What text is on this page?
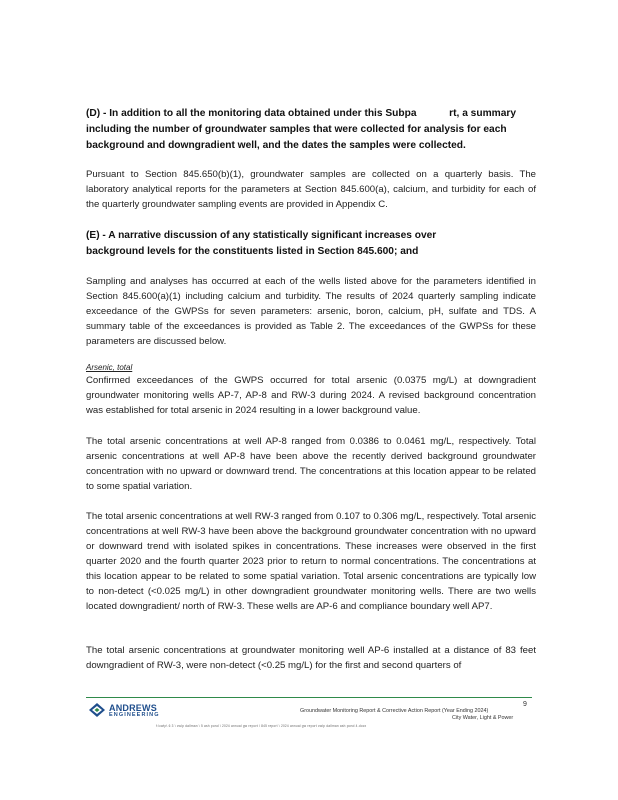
(D) - In addition to all the monitoring data obtained under this Subpa	rt, a summary
including the number of groundwater samples that were collected for analysis for each background and downgradient well, and the dates the samples were collected.
Pursuant to Section 845.650(b)(1), groundwater samples are collected on a quarterly basis. The laboratory analytical reports for the parameters at Section 845.600(a), calcium, and turbidity for each of the quarterly groundwater sampling events are provided in Appendix C.
(E) - A narrative discussion of any statistically significant increases over background levels for the constituents listed in Section 845.600; and
Sampling and analyses has occurred at each of the wells listed above for the parameters identified in Section 845.600(a)(1) including calcium and turbidity. The results of 2024 quarterly sampling indicate exceedance of the GWPSs for seven parameters: arsenic, boron, calcium, pH, sulfate and TDS. A summary table of the exceedances is provided as Table 2. The exceedances of the GWPSs for these parameters are discussed below.
Arsenic, total
Confirmed exceedances of the GWPS occurred for total arsenic (0.0375 mg/L) at downgradient groundwater monitoring wells AP-7, AP-8 and RW-3 during 2024. A revised background concentration was established for total arsenic in 2024 resulting in a lower background value.
The total arsenic concentrations at well AP-8 ranged from 0.0386 to 0.0461 mg/L, respectively. Total arsenic concentrations at well AP-8 have been above the recently derived background groundwater concentration with no upward or downward trend. The concentrations at this location appear to be related to some spatial variation.
The total arsenic concentrations at well RW-3 ranged from 0.107 to 0.306 mg/L, respectively. Total arsenic concentrations at well RW-3 have been above the background groundwater concentration with no upward or downward trend with isolated spikes in concentrations. These increases were observed in the first quarter 2020 and the fourth quarter 2023 prior to return to normal concentrations. The concentrations at this location appear to be related to some spatial variation. Total arsenic concentrations are typically low to non-detect (<0.025 mg/L) in other downgradient groundwater monitoring wells. There are two wells located downgradient/ north of RW-3. These wells are AP-6 and compliance boundary well AP7.
The total arsenic concentrations at groundwater monitoring well AP-6 installed at a distance of 83 feet downgradient of RW-3, were non-detect (<0.25 mg/L) for the first and second quarters of
ANDREWS
ENGINEERING
9
Groundwater Monitoring Report & Corrective Action Report (Year Ending 2024)
City Water, Light & Power
f:\cwlp\ 6 3 \ cwlp dallman \ 5 ash pond \ 2024 annual gw report \ 845 report \ 2024 annual gw report cwlp dallman ash pond 4.docx
